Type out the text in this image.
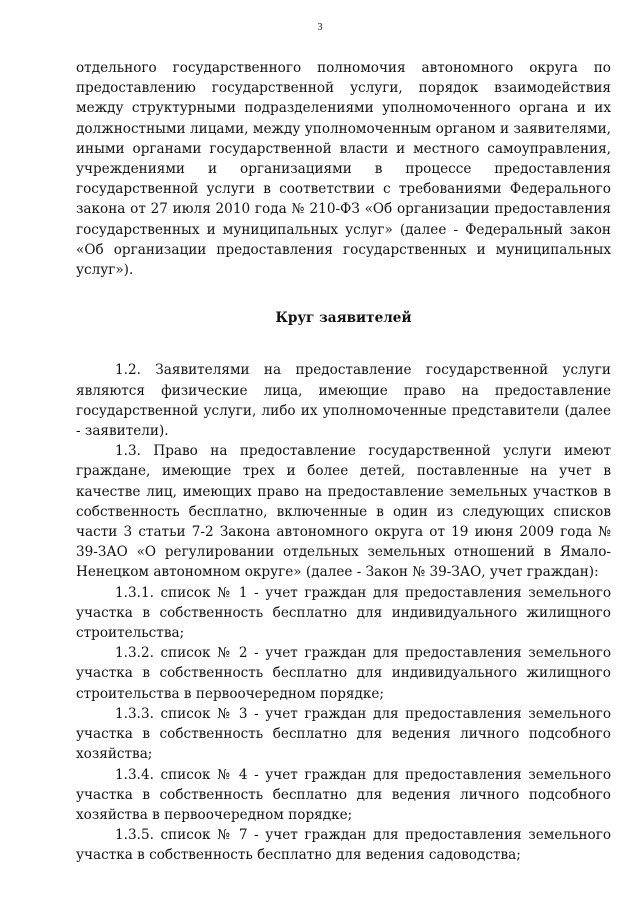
3

отдельного государственного полномочия автономного округа по предоставлению государственной услуги, порядок взаимодействия между структурными подразделениями уполномоченного органа и их должностными лицами, между уполномоченным органом и заявителями, иными органами государственной власти и местного самоуправления, учреждениями и организациями в процессе предоставления государственной услуги в соответствии с требованиями Федерального закона от 27 июля 2010 года № 210-ФЗ «Об организации предоставления государственных и муниципальных услуг» (далее - Федеральный закон «Об организации предоставления государственных и муниципальных услуг»).

Круг заявителей

1.2. Заявителями на предоставление государственной услуги являются физические лица, имеющие право на предоставление государственной услуги, либо их уполномоченные представители (далее - заявители).

1.3. Право на предоставление государственной услуги имеют граждане, имеющие трех и более детей, поставленные на учет в качестве лиц, имеющих право на предоставление земельных участков в собственность бесплатно, включенные в один из следующих списков части 3 статьи 7-2 Закона автономного округа от 19 июня 2009 года № 39-ЗАО «О регулировании отдельных земельных отношений в Ямало-Ненецком автономном округе» (далее - Закон № 39-ЗАО, учет граждан):

1.3.1. список № 1 - учет граждан для предоставления земельного участка в собственность бесплатно для индивидуального жилищного строительства;

1.3.2. список № 2 - учет граждан для предоставления земельного участка в собственность бесплатно для индивидуального жилищного строительства в первоочередном порядке;

1.3.3. список № 3 - учет граждан для предоставления земельного участка в собственность бесплатно для ведения личного подсобного хозяйства;

1.3.4. список № 4 - учет граждан для предоставления земельного участка в собственность бесплатно для ведения личного подсобного хозяйства в первоочередном порядке;

1.3.5. список № 7 - учет граждан для предоставления земельного участка в собственность бесплатно для ведения садоводства;
